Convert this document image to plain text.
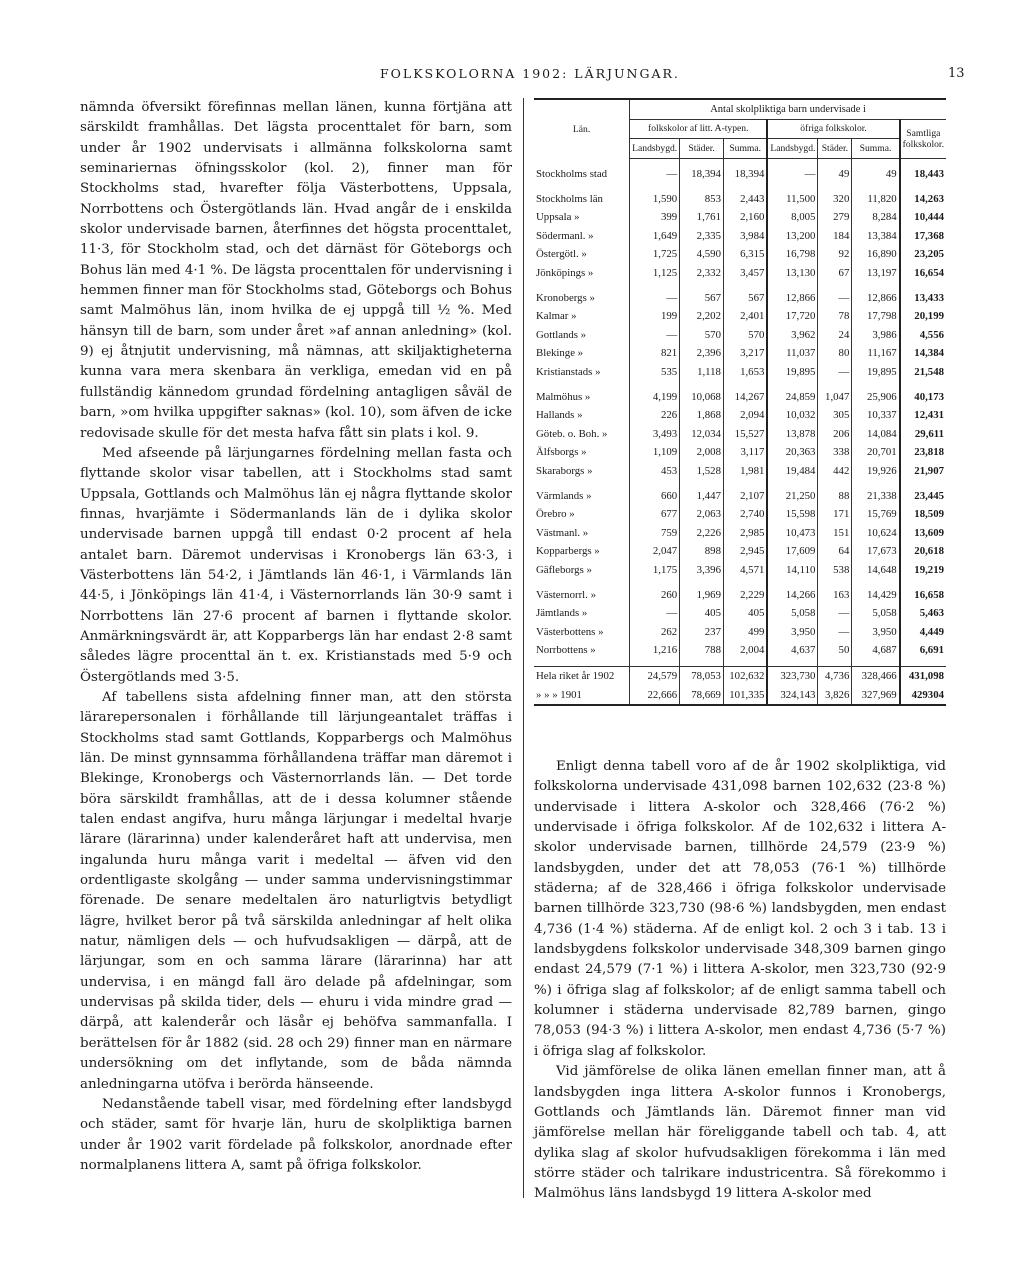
FOLKSKOLORNA 1902: LÄRJUNGAR.	13

nämnda öfversikt förefinnas mellan länen, kunna förtjäna att särskildt framhållas. Det lägsta procenttalet för barn, som under år 1902 undervisats i allmänna folkskolorna samt seminariernas öfningsskolor (kol. 2), finner man för Stockholms stad, hvarefter följa Västerbottens, Uppsala, Norrbottens och Östergötlands län. Hvad angår de i enskilda skolor undervisade barnen, återfinnes det högsta procenttalet, 11·3, för Stockholm stad, och det därnäst för Göteborgs och Bohus län med 4·1 %. De lägsta procenttalen för undervisning i hemmen finner man för Stockholms stad, Göteborgs och Bohus samt Malmöhus län, inom hvilka de ej uppgå till ½ %. Med hänsyn till de barn, som under året »af annan anledning» (kol. 9) ej åtnjutit undervisning, må nämnas, att skiljaktigheterna kunna vara mera skenbara än verkliga, emedan vid en på fullständig kännedom grundad fördelning antagligen såväl de barn, »om hvilka uppgifter saknas» (kol. 10), som äfven de icke redovisade skulle för det mesta hafva fått sin plats i kol. 9.

Med afseende på lärjungarnes fördelning mellan fasta och flyttande skolor visar tabellen, att i Stockholms stad samt Uppsala, Gottlands och Malmöhus län ej några flyttande skolor finnas, hvarjämte i Södermanlands län de i dylika skolor undervisade barnen uppgå till endast 0·2 procent af hela antalet barn. Däremot undervisas i Kronobergs län 63·3, i Västerbottens län 54·2, i Jämtlands län 46·1, i Värmlands län 44·5, i Jönköpings län 41·4, i Västernorrlands län 30·9 samt i Norrbottens län 27·6 procent af barnen i flyttande skolor. Anmärkningsvärdt är, att Kopparbergs län har endast 2·8 samt således lägre procenttal än t. ex. Kristianstads med 5·9 och Östergötlands med 3·5.

Af tabellens sista afdelning finner man, att den största lärarepersonalen i förhållande till lärjungeantalet träffas i Stockholms stad samt Gottlands, Kopparbergs och Malmöhus län. De minst gynnsamma förhållandena träffar man däremot i Blekinge, Kronobergs och Västernorrlands län. — Det torde böra särskildt framhållas, att de i dessa kolumner stående talen endast angifva, huru många lärjungar i medeltal hvarje lärare (lärarinna) under kalenderåret haft att undervisa, men ingalunda huru många varit i medeltal — äfven vid den ordentligaste skolgång — under samma undervisningstimmar förenade. De senare medeltalen äro naturligtvis betydligt lägre, hvilket beror på två särskilda anledningar af helt olika natur, nämligen dels — och hufvudsakligen — därpå, att de lärjungar, som en och samma lärare (lärarinna) har att undervisa, i en mängd fall äro delade på afdelningar, som undervisas på skilda tider, dels — ehuru i vida mindre grad — därpå, att kalenderår och läsår ej behöfva sammanfalla. I berättelsen för år 1882 (sid. 28 och 29) finner man en närmare undersökning om det inflytande, som de båda nämnda anledningarna utöfva i berörda hänseende.

Nedanstående tabell visar, med fördelning efter landsbygd och städer, samt för hvarje län, huru de skolpliktiga barnen under år 1902 varit fördelade på folkskolor, anordnade efter normalplanens littera A, samt på öfriga folkskolor.

Län.	Antal skolpliktiga barn undervisade i						
	folkskolor af litt. A-typen.			öfriga folkskolor.			Samtliga folkskolor.
	Landsbygd.	Städer.	Summa.	Landsbygd.	Städer.	Summa.	

Stockholms stad	—	18,394	18,394	—	49	49	18,443

Stockholms län	1,590	853	2,443	11,500	320	11,820	14,263
Uppsala »	399	1,761	2,160	8,005	279	8,284	10,444
Södermanl. »	1,649	2,335	3,984	13,200	184	13,384	17,368
Östergötl. »	1,725	4,590	6,315	16,798	92	16,890	23,205
Jönköpings »	1,125	2,332	3,457	13,130	67	13,197	16,654

Kronobergs »	—	567	567	12,866	—	12,866	13,433
Kalmar »	199	2,202	2,401	17,720	78	17,798	20,199
Gottlands »	—	570	570	3,962	24	3,986	4,556
Blekinge »	821	2,396	3,217	11,037	80	11,167	14,384
Kristianstads »	535	1,118	1,653	19,895	—	19,895	21,548

Malmöhus »	4,199	10,068	14,267	24,859	1,047	25,906	40,173
Hallands »	226	1,868	2,094	10,032	305	10,337	12,431
Göteb. o. Boh. »	3,493	12,034	15,527	13,878	206	14,084	29,611
Älfsborgs »	1,109	2,008	3,117	20,363	338	20,701	23,818
Skaraborgs »	453	1,528	1,981	19,484	442	19,926	21,907

Värmlands »	660	1,447	2,107	21,250	88	21,338	23,445
Örebro »	677	2,063	2,740	15,598	171	15,769	18,509
Västmanl. »	759	2,226	2,985	10,473	151	10,624	13,609
Kopparbergs »	2,047	898	2,945	17,609	64	17,673	20,618
Gäfleborgs »	1,175	3,396	4,571	14,110	538	14,648	19,219

Västernorrl. »	260	1,969	2,229	14,266	163	14,429	16,658
Jämtlands »	—	405	405	5,058	—	5,058	5,463
Västerbottens »	262	237	499	3,950	—	3,950	4,449
Norrbottens »	1,216	788	2,004	4,637	50	4,687	6,691

Hela riket år 1902	24,579	78,053	102,632	323,730	4,736	328,466	431,098
» » » 1901	22,666	78,669	101,335	324,143	3,826	327,969	429304

Enligt denna tabell voro af de år 1902 skolpliktiga, vid folkskolorna undervisade 431,098 barnen 102,632 (23·8 %) undervisade i littera A-skolor och 328,466 (76·2 %) undervisade i öfriga folkskolor. Af de 102,632 i littera A-skolor undervisade barnen, tillhörde 24,579 (23·9 %) landsbygden, under det att 78,053 (76·1 %) tillhörde städerna; af de 328,466 i öfriga folkskolor undervisade barnen tillhörde 323,730 (98·6 %) landsbygden, men endast 4,736 (1·4 %) städerna. Af de enligt kol. 2 och 3 i tab. 13 i landsbygdens folkskolor undervisade 348,309 barnen gingo endast 24,579 (7·1 %) i littera A-skolor, men 323,730 (92·9 %) i öfriga slag af folkskolor; af de enligt samma tabell och kolumner i städerna undervisade 82,789 barnen, gingo 78,053 (94·3 %) i littera A-skolor, men endast 4,736 (5·7 %) i öfriga slag af folkskolor.

Vid jämförelse de olika länen emellan finner man, att å landsbygden inga littera A-skolor funnos i Kronobergs, Gottlands och Jämtlands län. Däremot finner man vid jämförelse mellan här föreliggande tabell och tab. 4, att dylika slag af skolor hufvudsakligen förekomma i län med större städer och talrikare industricentra. Så förekommo i Malmöhus läns landsbygd 19 littera A-skolor med
